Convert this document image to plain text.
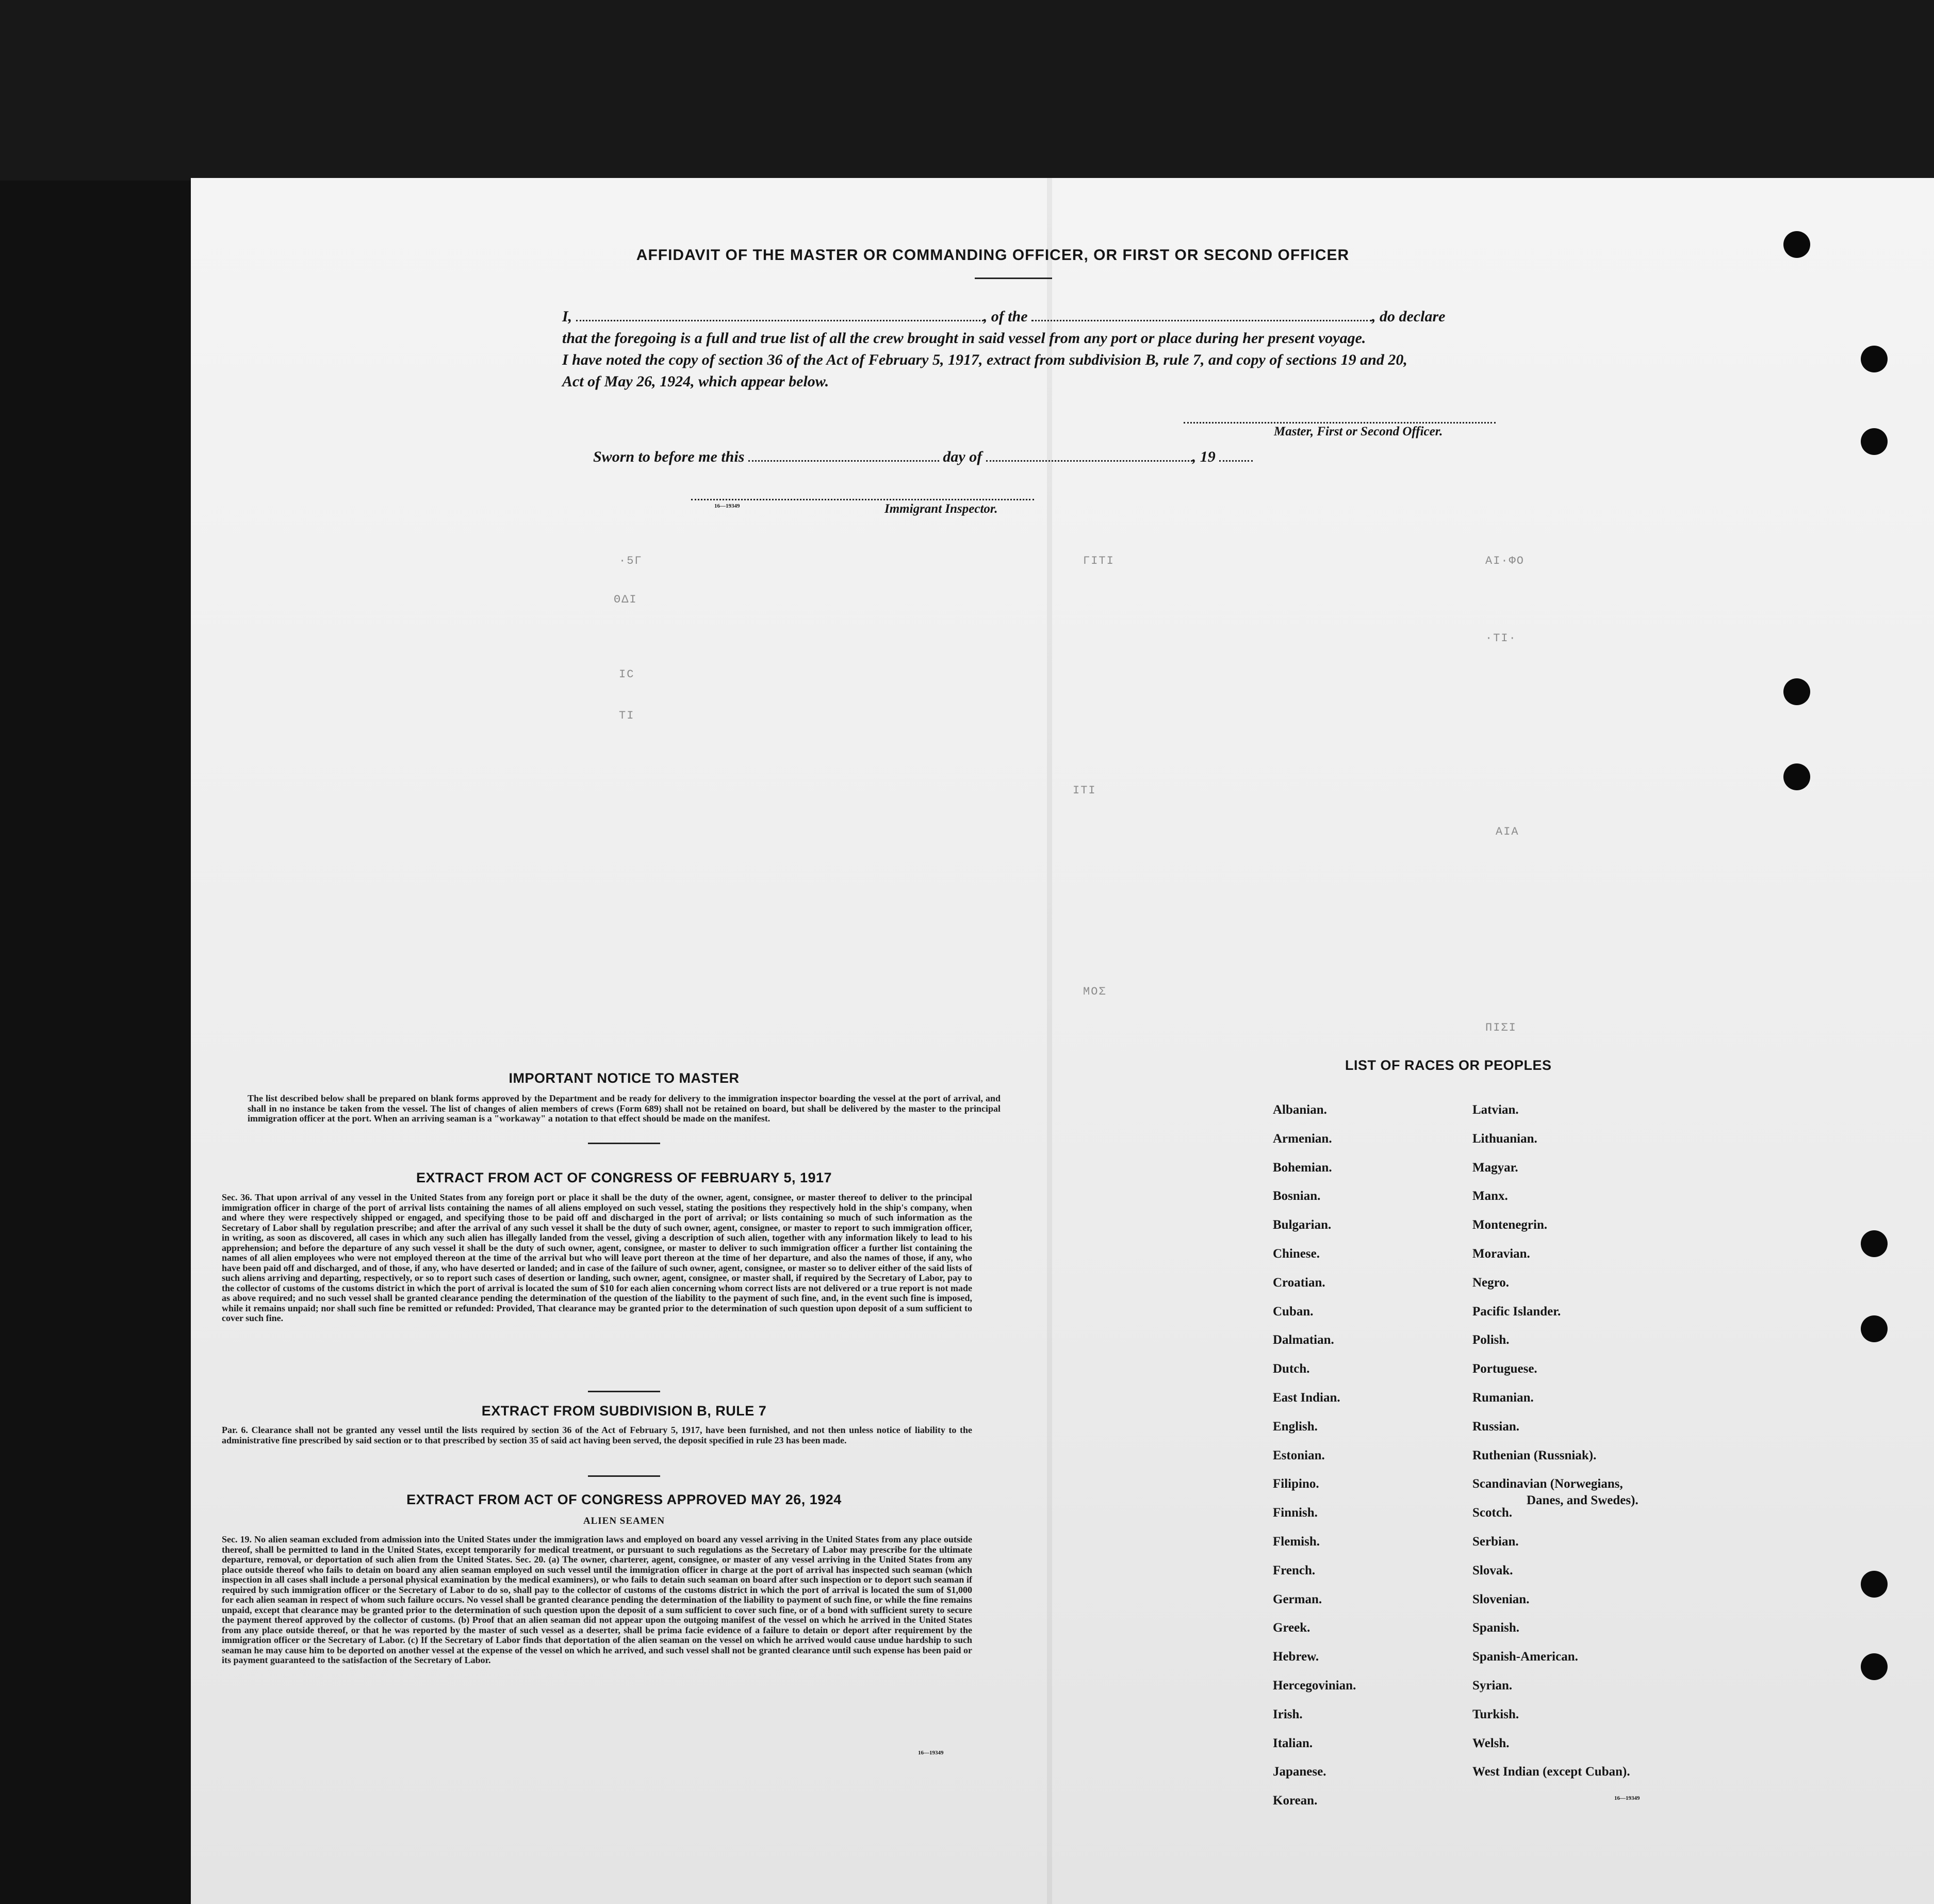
AFFIDAVIT OF THE MASTER OR COMMANDING OFFICER, OR FIRST OR SECOND OFFICER
I,	, of the	, do declare
that the foregoing is a full and true list of all the crew brought in said vessel from any port or place during her present voyage.
I have noted the copy of section 36 of the Act of February 5, 1917, extract from subdivision B, rule 7, and copy of sections 19 and 20,
Act of May 26, 1924, which appear below.
Master, First or Second Officer.
Sworn to before me this	day of	, 19
16—19349	Immigrant Inspector.
·5Γ
ΘΔΙ
ΙϹ
ΤΙ
ΓΙΤΙ	ΑΙ·ΦΟ
·ΤΙ·
ΙΤΙ
ΑΙΑ
ΜΟΣ
ΠΙΣΙ
IMPORTANT NOTICE TO MASTER
The list described below shall be prepared on blank forms approved by the Department and be ready for delivery to the immigration inspector boarding the vessel at the port of arrival, and shall in no instance be taken from the vessel. The list of changes of alien members of crews (Form 689) shall not be retained on board, but shall be delivered by the master to the principal immigration officer at the port. When an arriving seaman is a "workaway" a notation to that effect should be made on the manifest.
EXTRACT FROM ACT OF CONGRESS OF FEBRUARY 5, 1917
Sec. 36. That upon arrival of any vessel in the United States from any foreign port or place it shall be the duty of the owner, agent, consignee, or master thereof to deliver to the principal immigration officer in charge of the port of arrival lists containing the names of all aliens employed on such vessel, stating the positions they respectively hold in the ship's company, when and where they were respectively shipped or engaged, and specifying those to be paid off and discharged in the port of arrival; or lists containing so much of such information as the Secretary of Labor shall by regulation prescribe; and after the arrival of any such vessel it shall be the duty of such owner, agent, consignee, or master to report to such immigration officer, in writing, as soon as discovered, all cases in which any such alien has illegally landed from the vessel, giving a description of such alien, together with any information likely to lead to his apprehension; and before the departure of any such vessel it shall be the duty of such owner, agent, consignee, or master to deliver to such immigration officer a further list containing the names of all alien employees who were not employed thereon at the time of the arrival but who will leave port thereon at the time of her departure, and also the names of those, if any, who have been paid off and discharged, and of those, if any, who have deserted or landed; and in case of the failure of such owner, agent, consignee, or master so to deliver either of the said lists of such aliens arriving and departing, respectively, or so to report such cases of desertion or landing, such owner, agent, consignee, or master shall, if required by the Secretary of Labor, pay to the collector of customs of the customs district in which the port of arrival is located the sum of $10 for each alien concerning whom correct lists are not delivered or a true report is not made as above required; and no such vessel shall be granted clearance pending the determination of the question of the liability to the payment of such fine, and, in the event such fine is imposed, while it remains unpaid; nor shall such fine be remitted or refunded: Provided, That clearance may be granted prior to the determination of such question upon deposit of a sum sufficient to cover such fine.
EXTRACT FROM SUBDIVISION B, RULE 7
Par. 6. Clearance shall not be granted any vessel until the lists required by section 36 of the Act of February 5, 1917, have been furnished, and not then unless notice of liability to the administrative fine prescribed by said section or to that prescribed by section 35 of said act having been served, the deposit specified in rule 23 has been made.
EXTRACT FROM ACT OF CONGRESS APPROVED MAY 26, 1924
ALIEN SEAMEN
Sec. 19. No alien seaman excluded from admission into the United States under the immigration laws and employed on board any vessel arriving in the United States from any place outside thereof, shall be permitted to land in the United States, except temporarily for medical treatment, or pursuant to such regulations as the Secretary of Labor may prescribe for the ultimate departure, removal, or deportation of such alien from the United States. Sec. 20. (a) The owner, charterer, agent, consignee, or master of any vessel arriving in the United States from any place outside thereof who fails to detain on board any alien seaman employed on such vessel until the immigration officer in charge at the port of arrival has inspected such seaman (which inspection in all cases shall include a personal physical examination by the medical examiners), or who fails to detain such seaman on board after such inspection or to deport such seaman if required by such immigration officer or the Secretary of Labor to do so, shall pay to the collector of customs of the customs district in which the port of arrival is located the sum of $1,000 for each alien seaman in respect of whom such failure occurs. No vessel shall be granted clearance pending the determination of the liability to payment of such fine, or while the fine remains unpaid, except that clearance may be granted prior to the determination of such question upon the deposit of a sum sufficient to cover such fine, or of a bond with sufficient surety to secure the payment thereof approved by the collector of customs. (b) Proof that an alien seaman did not appear upon the outgoing manifest of the vessel on which he arrived in the United States from any place outside thereof, or that he was reported by the master of such vessel as a deserter, shall be prima facie evidence of a failure to detain or deport after requirement by the immigration officer or the Secretary of Labor. (c) If the Secretary of Labor finds that deportation of the alien seaman on the vessel on which he arrived would cause undue hardship to such seaman he may cause him to be deported on another vessel at the expense of the vessel on which he arrived, and such vessel shall not be granted clearance until such expense has been paid or its payment guaranteed to the satisfaction of the Secretary of Labor.
16—19349
LIST OF RACES OR PEOPLES
16—19349
Albanian.
Armenian.
Bohemian.
Bosnian.
Bulgarian.
Chinese.
Croatian.
Cuban.
Dalmatian.
Dutch.
East Indian.
English.
Estonian.
Filipino.
Finnish.
Flemish.
French.
German.
Greek.
Hebrew.
Hercegovinian.
Irish.
Italian.
Japanese.
Korean.
Latvian.
Lithuanian.
Magyar.
Manx.
Montenegrin.
Moravian.
Negro.
Pacific Islander.
Polish.
Portuguese.
Rumanian.
Russian.
Ruthenian (Russniak).
Scandinavian (Norwegians,
Danes, and Swedes).
Scotch.
Serbian.
Slovak.
Slovenian.
Spanish.
Spanish-American.
Syrian.
Turkish.
Welsh.
West Indian (except Cuban).
